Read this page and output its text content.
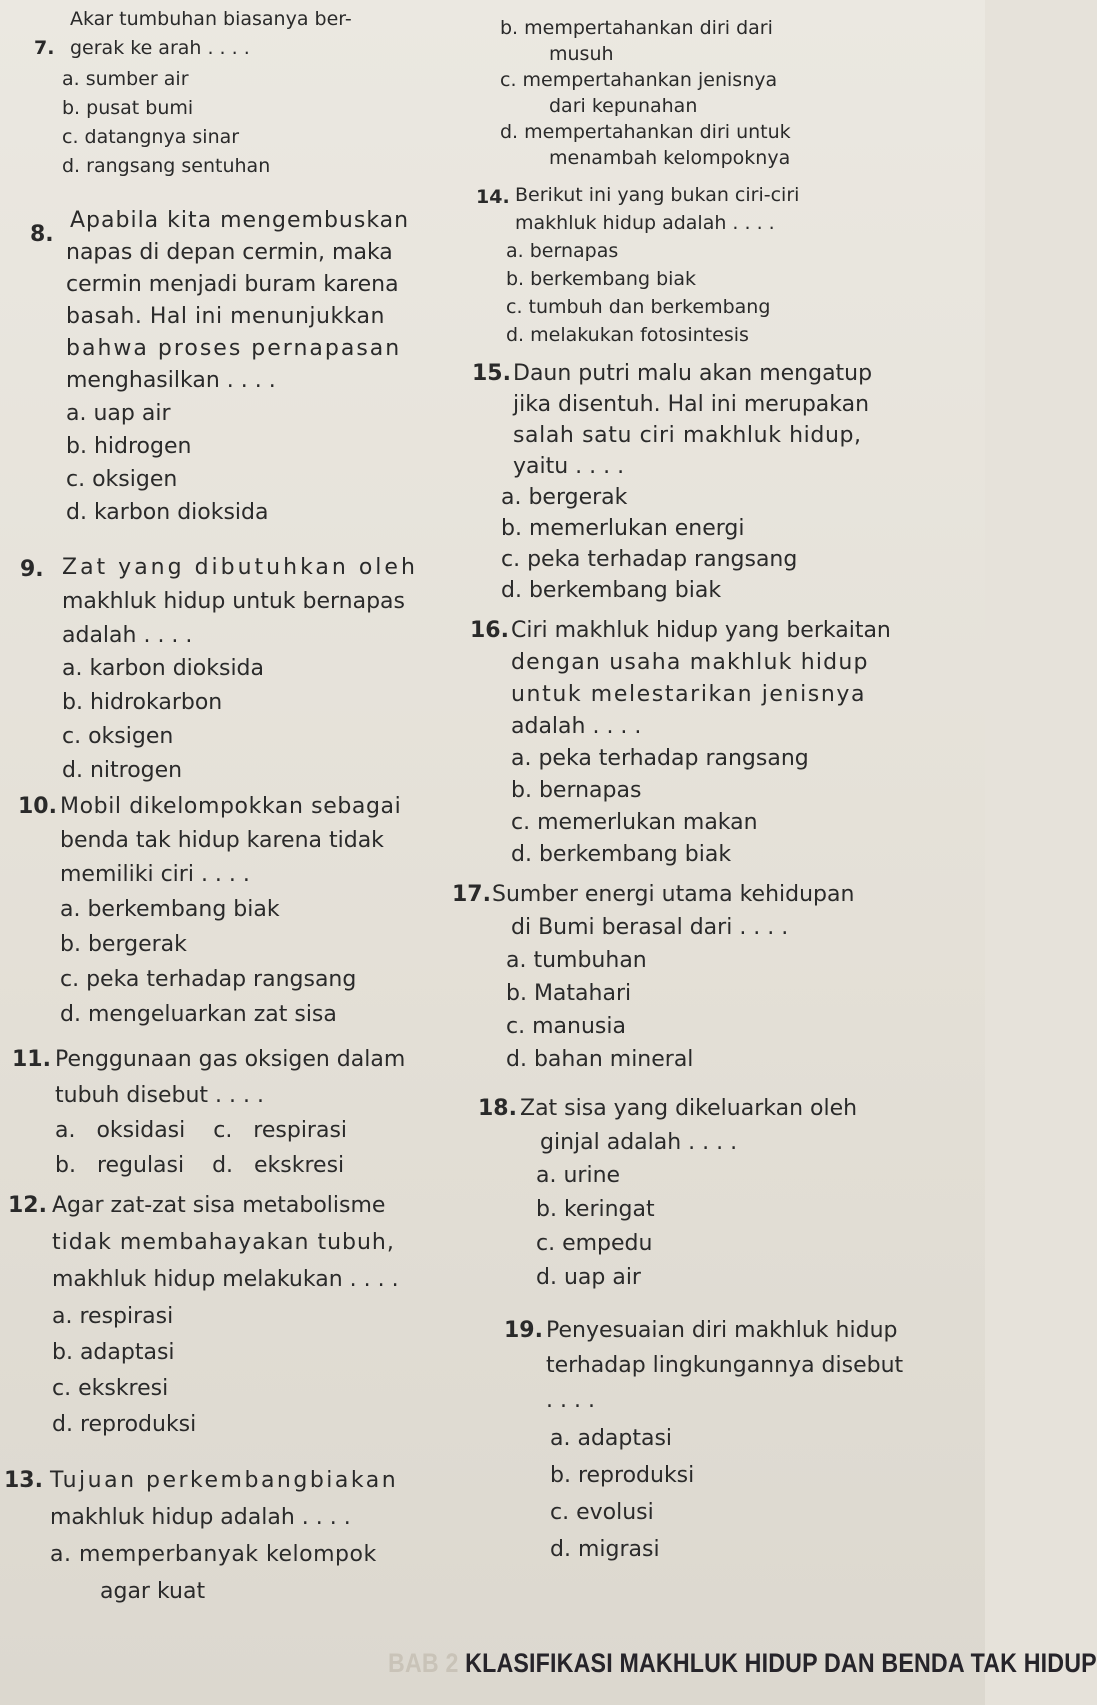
7.
Akar tumbuhan biasanya ber-
gerak ke arah . . . .
a. sumber air
b. pusat bumi
c. datangnya sinar
d. rangsang sentuhan
8.
Apabila kita mengembuskan
napas di depan cermin, maka
cermin menjadi buram karena
basah. Hal ini menunjukkan
bahwa proses pernapasan
menghasilkan . . . .
a. uap air
b. hidrogen
c. oksigen
d. karbon dioksida
9. Zat yang dibutuhkan oleh
makhluk hidup untuk bernapas
adalah . . . .
a. karbon dioksida
b. hidrokarbon
c. oksigen
d. nitrogen
10. Mobil dikelompokkan sebagai
benda tak hidup karena tidak
memiliki ciri . . . .
a. berkembang biak
b. bergerak
c. peka terhadap rangsang
d. mengeluarkan zat sisa
11. Penggunaan gas oksigen dalam
tubuh disebut . . . .
a.   oksidasi    c.   respirasi
b.   regulasi    d.   ekskresi
12. Agar zat-zat sisa metabolisme
tidak membahayakan tubuh,
makhluk hidup melakukan . . . .
a. respirasi
b. adaptasi
c. ekskresi
d. reproduksi
13. Tujuan perkembangbiakan
makhluk hidup adalah . . . .
a. memperbanyak kelompok
agar kuat
b. mempertahankan diri dari
musuh
c. mempertahankan jenisnya
dari kepunahan
d. mempertahankan diri untuk
menambah kelompoknya
14. Berikut ini yang bukan ciri-ciri
makhluk hidup adalah . . . .
a. bernapas
b. berkembang biak
c. tumbuh dan berkembang
d. melakukan fotosintesis
15. Daun putri malu akan mengatup
jika disentuh. Hal ini merupakan
salah satu ciri makhluk hidup,
yaitu . . . .
a. bergerak
b. memerlukan energi
c. peka terhadap rangsang
d. berkembang biak
16. Ciri makhluk hidup yang berkaitan
dengan usaha makhluk hidup
untuk melestarikan jenisnya
adalah . . . .
a. peka terhadap rangsang
b. bernapas
c. memerlukan makan
d. berkembang biak
17. Sumber energi utama kehidupan
di Bumi berasal dari . . . .
a. tumbuhan
b. Matahari
c. manusia
d. bahan mineral
18. Zat sisa yang dikeluarkan oleh
ginjal adalah . . . .
a. urine
b. keringat
c. empedu
d. uap air
19. Penyesuaian diri makhluk hidup
terhadap lingkungannya disebut
. . . .
a. adaptasi
b. reproduksi
c. evolusi
d. migrasi
BAB 2 KLASIFIKASI MAKHLUK HIDUP DAN BENDA TAK HIDUP
